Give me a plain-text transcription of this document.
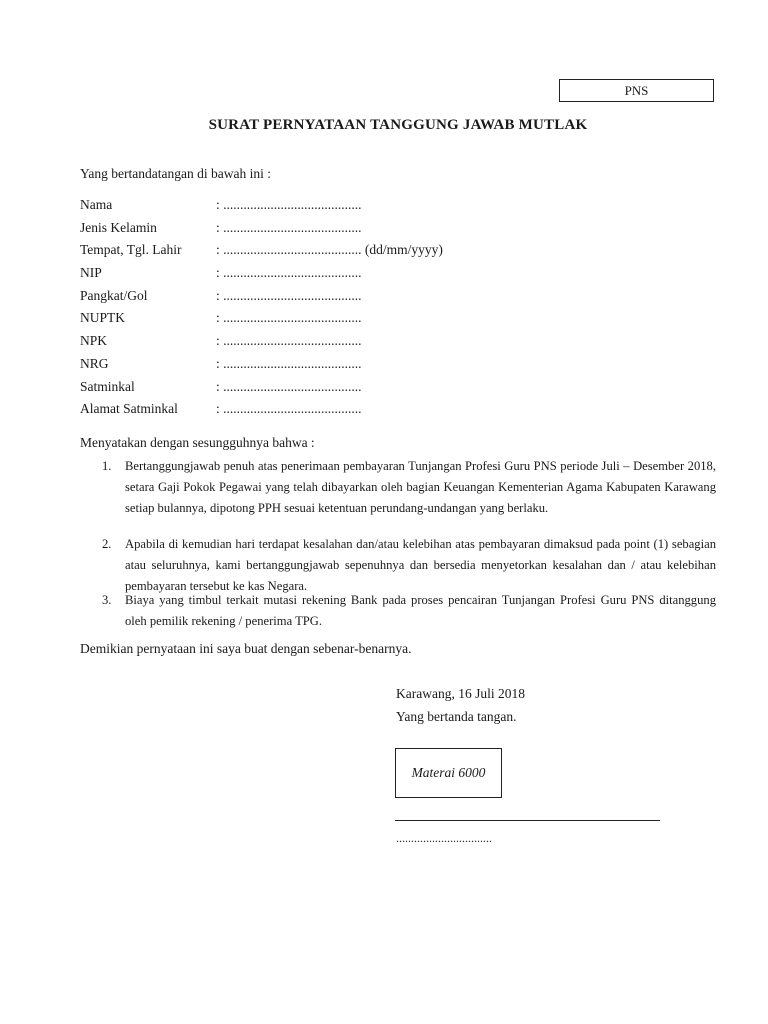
PNS
SURAT PERNYATAAN TANGGUNG JAWAB MUTLAK
Yang bertandatangan di bawah ini :
Nama	: .........................................
Jenis Kelamin	: .........................................
Tempat, Tgl. Lahir	: ......................................... (dd/mm/yyyy)
NIP	: .........................................
Pangkat/Gol	: .........................................
NUPTK	: .........................................
NPK	: .........................................
NRG	: .........................................
Satminkal	: .........................................
Alamat Satminkal	: .........................................
Menyatakan dengan sesungguhnya bahwa :
1. Bertanggungjawab penuh atas penerimaan pembayaran Tunjangan Profesi Guru PNS periode Juli – Desember 2018, setara Gaji Pokok Pegawai yang telah dibayarkan oleh bagian Keuangan Kementerian Agama Kabupaten Karawang setiap bulannya, dipotong PPH sesuai ketentuan perundang-undangan yang berlaku.
2. Apabila di kemudian hari terdapat kesalahan dan/atau kelebihan atas pembayaran dimaksud pada point (1) sebagian atau seluruhnya, kami bertanggungjawab sepenuhnya dan bersedia menyetorkan kesalahan dan / atau kelebihan pembayaran tersebut ke kas Negara.
3. Biaya yang timbul terkait mutasi rekening Bank pada proses pencairan Tunjangan Profesi Guru PNS ditanggung oleh pemilik rekening / penerima TPG.
Demikian pernyataan ini saya buat dengan sebenar-benarnya.
Karawang, 16 Juli 2018
Yang bertanda tangan.
Materai 6000
................................
